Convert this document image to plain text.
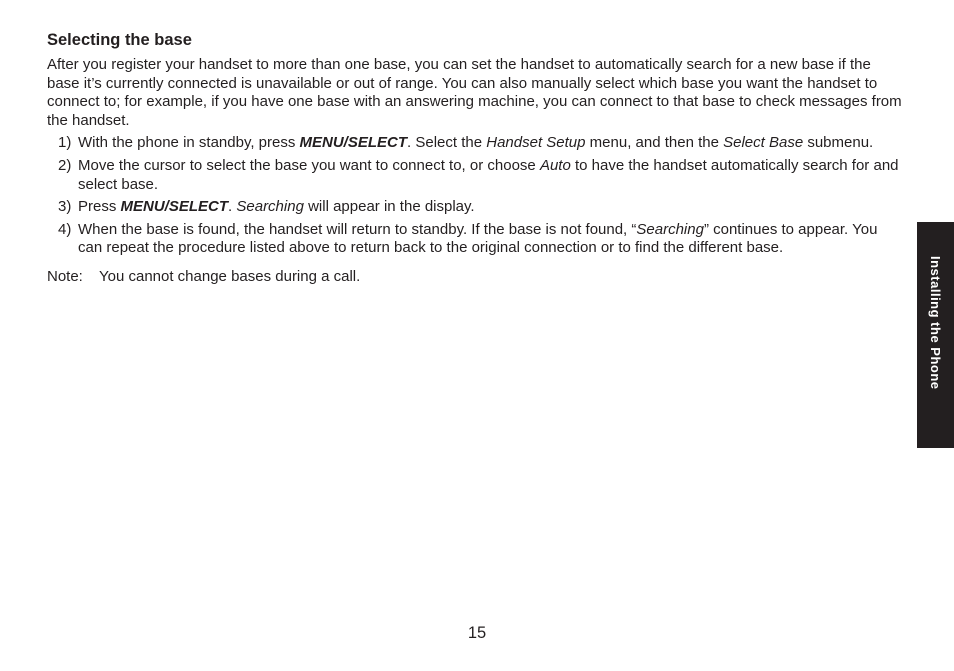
Selecting the base

After you register your handset to more than one base, you can set the handset to automatically search for a new base if the base it’s currently connected is unavailable or out of range. You can also manually select which base you want the handset to connect to; for example, if you have one base with an answering machine, you can connect to that base to check messages from the handset.

1) With the phone in standby, press MENU/SELECT. Select the Handset Setup menu, and then the Select Base submenu.
2) Move the cursor to select the base you want to connect to, or choose Auto to have the handset automatically search for and select base.
3) Press MENU/SELECT. Searching will appear in the display.
4) When the base is found, the handset will return to standby. If the base is not found, “Searching” continues to appear. You can repeat the procedure listed above to return back to the original connection or to find the different base.
Note: You cannot change bases during a call.
15
Installing the Phone
